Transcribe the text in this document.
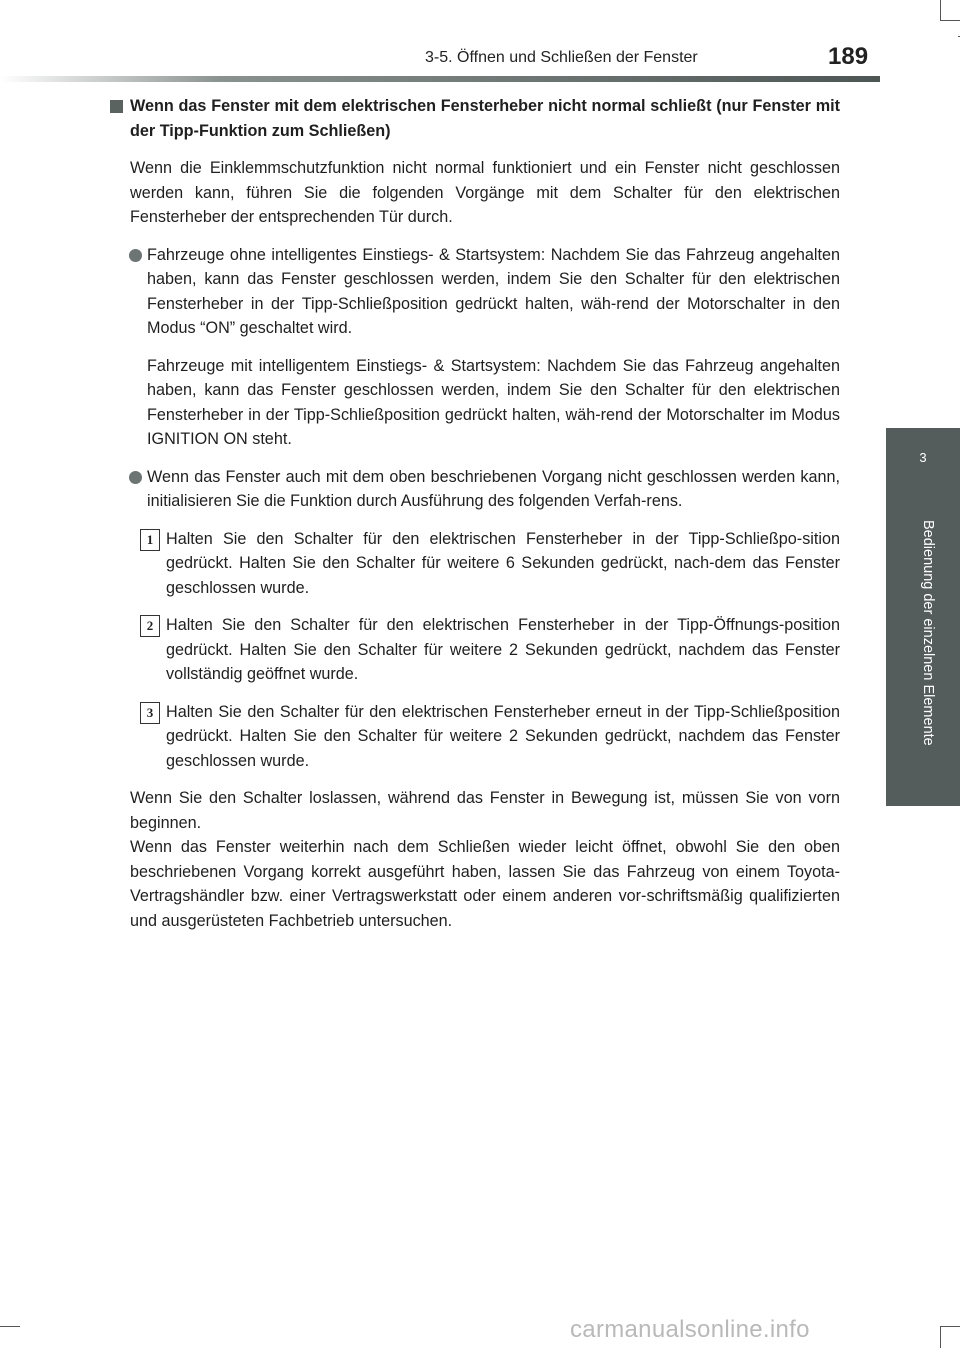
3-5. Öffnen und Schließen der Fenster	189
3
Bedienung der einzelnen Elemente
Wenn das Fenster mit dem elektrischen Fensterheber nicht normal schließt (nur Fenster mit der Tipp-Funktion zum Schließen)

Wenn die Einklemmschutzfunktion nicht normal funktioniert und ein Fenster nicht geschlossen werden kann, führen Sie die folgenden Vorgänge mit dem Schalter für den elektrischen Fensterheber der entsprechenden Tür durch.

Fahrzeuge ohne intelligentes Einstiegs- & Startsystem: Nachdem Sie das Fahrzeug angehalten haben, kann das Fenster geschlossen werden, indem Sie den Schalter für den elektrischen Fensterheber in der Tipp-Schließposition gedrückt halten, wäh-rend der Motorschalter in den Modus “ON” geschaltet wird.

Fahrzeuge mit intelligentem Einstiegs- & Startsystem: Nachdem Sie das Fahrzeug angehalten haben, kann das Fenster geschlossen werden, indem Sie den Schalter für den elektrischen Fensterheber in der Tipp-Schließposition gedrückt halten, wäh-rend der Motorschalter im Modus IGNITION ON steht.

Wenn das Fenster auch mit dem oben beschriebenen Vorgang nicht geschlossen werden kann, initialisieren Sie die Funktion durch Ausführung des folgenden Verfah-rens.

1 Halten Sie den Schalter für den elektrischen Fensterheber in der Tipp-Schließpo-sition gedrückt. Halten Sie den Schalter für weitere 6 Sekunden gedrückt, nach-dem das Fenster geschlossen wurde.

2 Halten Sie den Schalter für den elektrischen Fensterheber in der Tipp-Öffnungs-position gedrückt. Halten Sie den Schalter für weitere 2 Sekunden gedrückt, nachdem das Fenster vollständig geöffnet wurde.

3 Halten Sie den Schalter für den elektrischen Fensterheber erneut in der Tipp-Schließposition gedrückt. Halten Sie den Schalter für weitere 2 Sekunden gedrückt, nachdem das Fenster geschlossen wurde.

Wenn Sie den Schalter loslassen, während das Fenster in Bewegung ist, müssen Sie von vorn beginnen.

Wenn das Fenster weiterhin nach dem Schließen wieder leicht öffnet, obwohl Sie den oben beschriebenen Vorgang korrekt ausgeführt haben, lassen Sie das Fahrzeug von einem Toyota-Vertragshändler bzw. einer Vertragswerkstatt oder einem anderen vor-schriftsmäßig qualifizierten und ausgerüsteten Fachbetrieb untersuchen.

carmanualsonline.info
